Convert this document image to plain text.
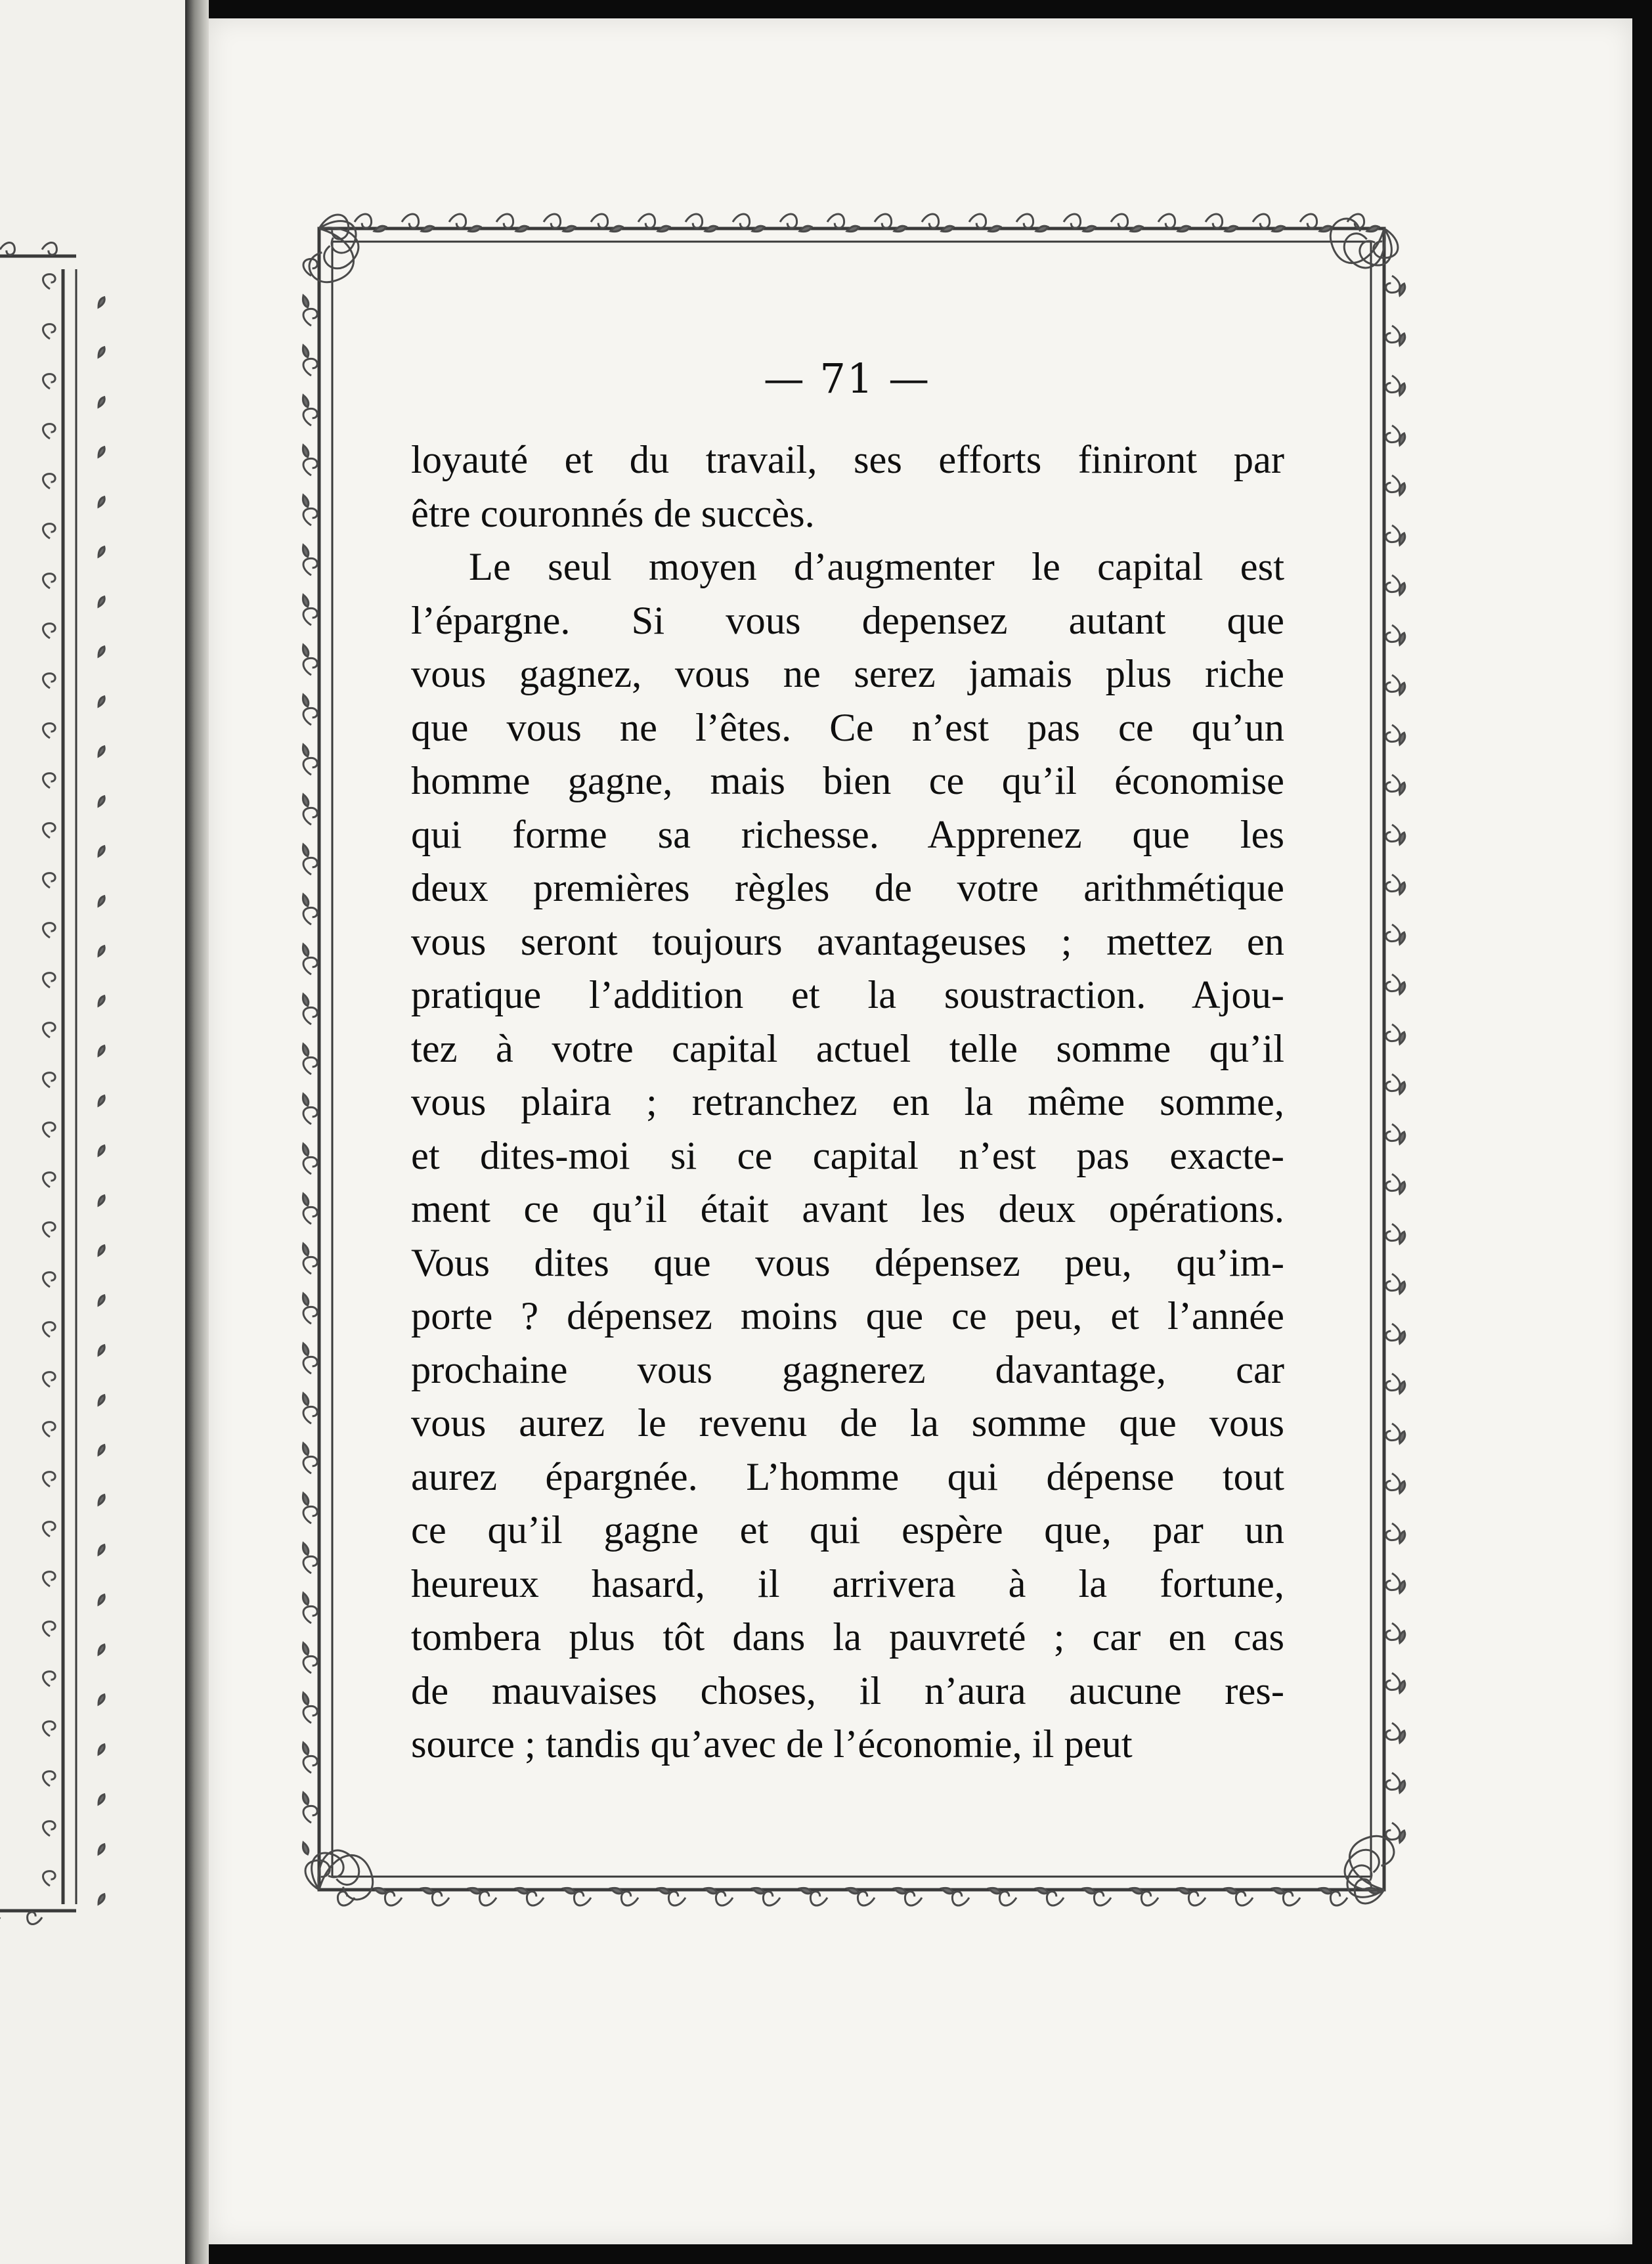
— 71 —
loyauté et du travail, ses efforts finiront par
être couronnés de succès.
Le seul moyen d’augmenter le capital est
l’épargne. Si vous depensez autant que
vous gagnez, vous ne serez jamais plus riche
que vous ne l’êtes. Ce n’est pas ce qu’un
homme gagne, mais bien ce qu’il économise
qui forme sa richesse. Apprenez que les
deux premières règles de votre arithmétique
vous seront toujours avantageuses ; mettez en
pratique l’addition et la soustraction. Ajou-
tez à votre capital actuel telle somme qu’il
vous plaira ; retranchez en la même somme,
et dites-moi si ce capital n’est pas exacte-
ment ce qu’il était avant les deux opérations.
Vous dites que vous dépensez peu, qu’im-
porte ? dépensez moins que ce peu, et l’année
prochaine vous gagnerez davantage, car
vous aurez le revenu de la somme que vous
aurez épargnée. L’homme qui dépense tout
ce qu’il gagne et qui espère que, par un
heureux hasard, il arrivera à la fortune,
tombera plus tôt dans la pauvreté ; car en cas
de mauvaises choses, il n’aura aucune res-
source ; tandis qu’avec de l’économie, il peut
